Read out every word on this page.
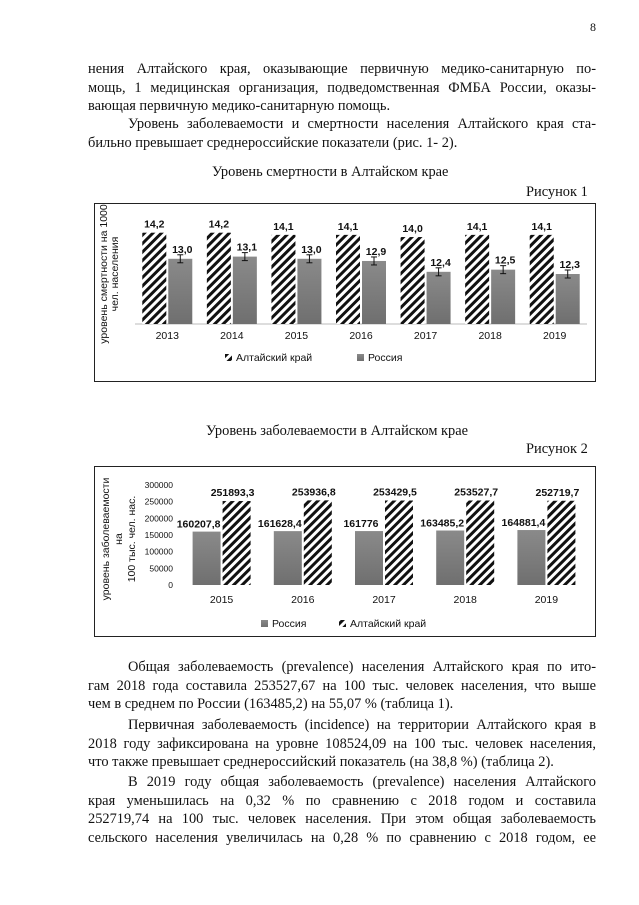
8

нения Алтайского края, оказывающие первичную медико-санитарную по-
мощь, 1 медицинская организация, подведомственная ФМБА России, оказы-
вающая первичную медико-санитарную помощь.

Уровень заболеваемости и смертности населения Алтайского края ста-
бильно превышает среднероссийские показатели (рис. 1- 2).

Уровень смертности в Алтайском крае
Рисунок 1
уровень смертности на 1000 чел. населения
14,2
13,0
2013
14,2
13,1
2014
14,1
13,0
2015
14,1
12,9
2016
14,0
12,4
2017
14,1
12,5
2018
14,1
12,3
2019
Алтайский край	Россия
Уровень заболеваемости в Алтайском крае
Рисунок 2
уровень заболеваемости на 100 тыс. чел. нас.
0
50000
100000
150000
200000
250000
300000
160207,8
251893,3
2015
161628,4
253936,8
2016
161776
253429,5
2017
163485,2
253527,7
2018
164881,4
252719,7
2019
Россия	Алтайский край

Общая заболеваемость (prevalence) населения Алтайского края по ито-
гам 2018 года составила 253527,67 на 100 тыс. человек населения, что выше
чем в среднем по России (163485,2) на 55,07 % (таблица 1).

Первичная заболеваемость (incidence) на территории Алтайского края в
2018 году зафиксирована на уровне 108524,09 на 100 тыс. человек населения,
что также превышает среднероссийский показатель (на 38,8 %) (таблица 2).

В 2019 году общая заболеваемость (prevalence) населения Алтайского
края уменьшилась на 0,32 % по сравнению с 2018 годом и составила
252719,74 на 100 тыс. человек населения. При этом общая заболеваемость
сельского населения увеличилась на 0,28 % по сравнению с 2018 годом, ее
